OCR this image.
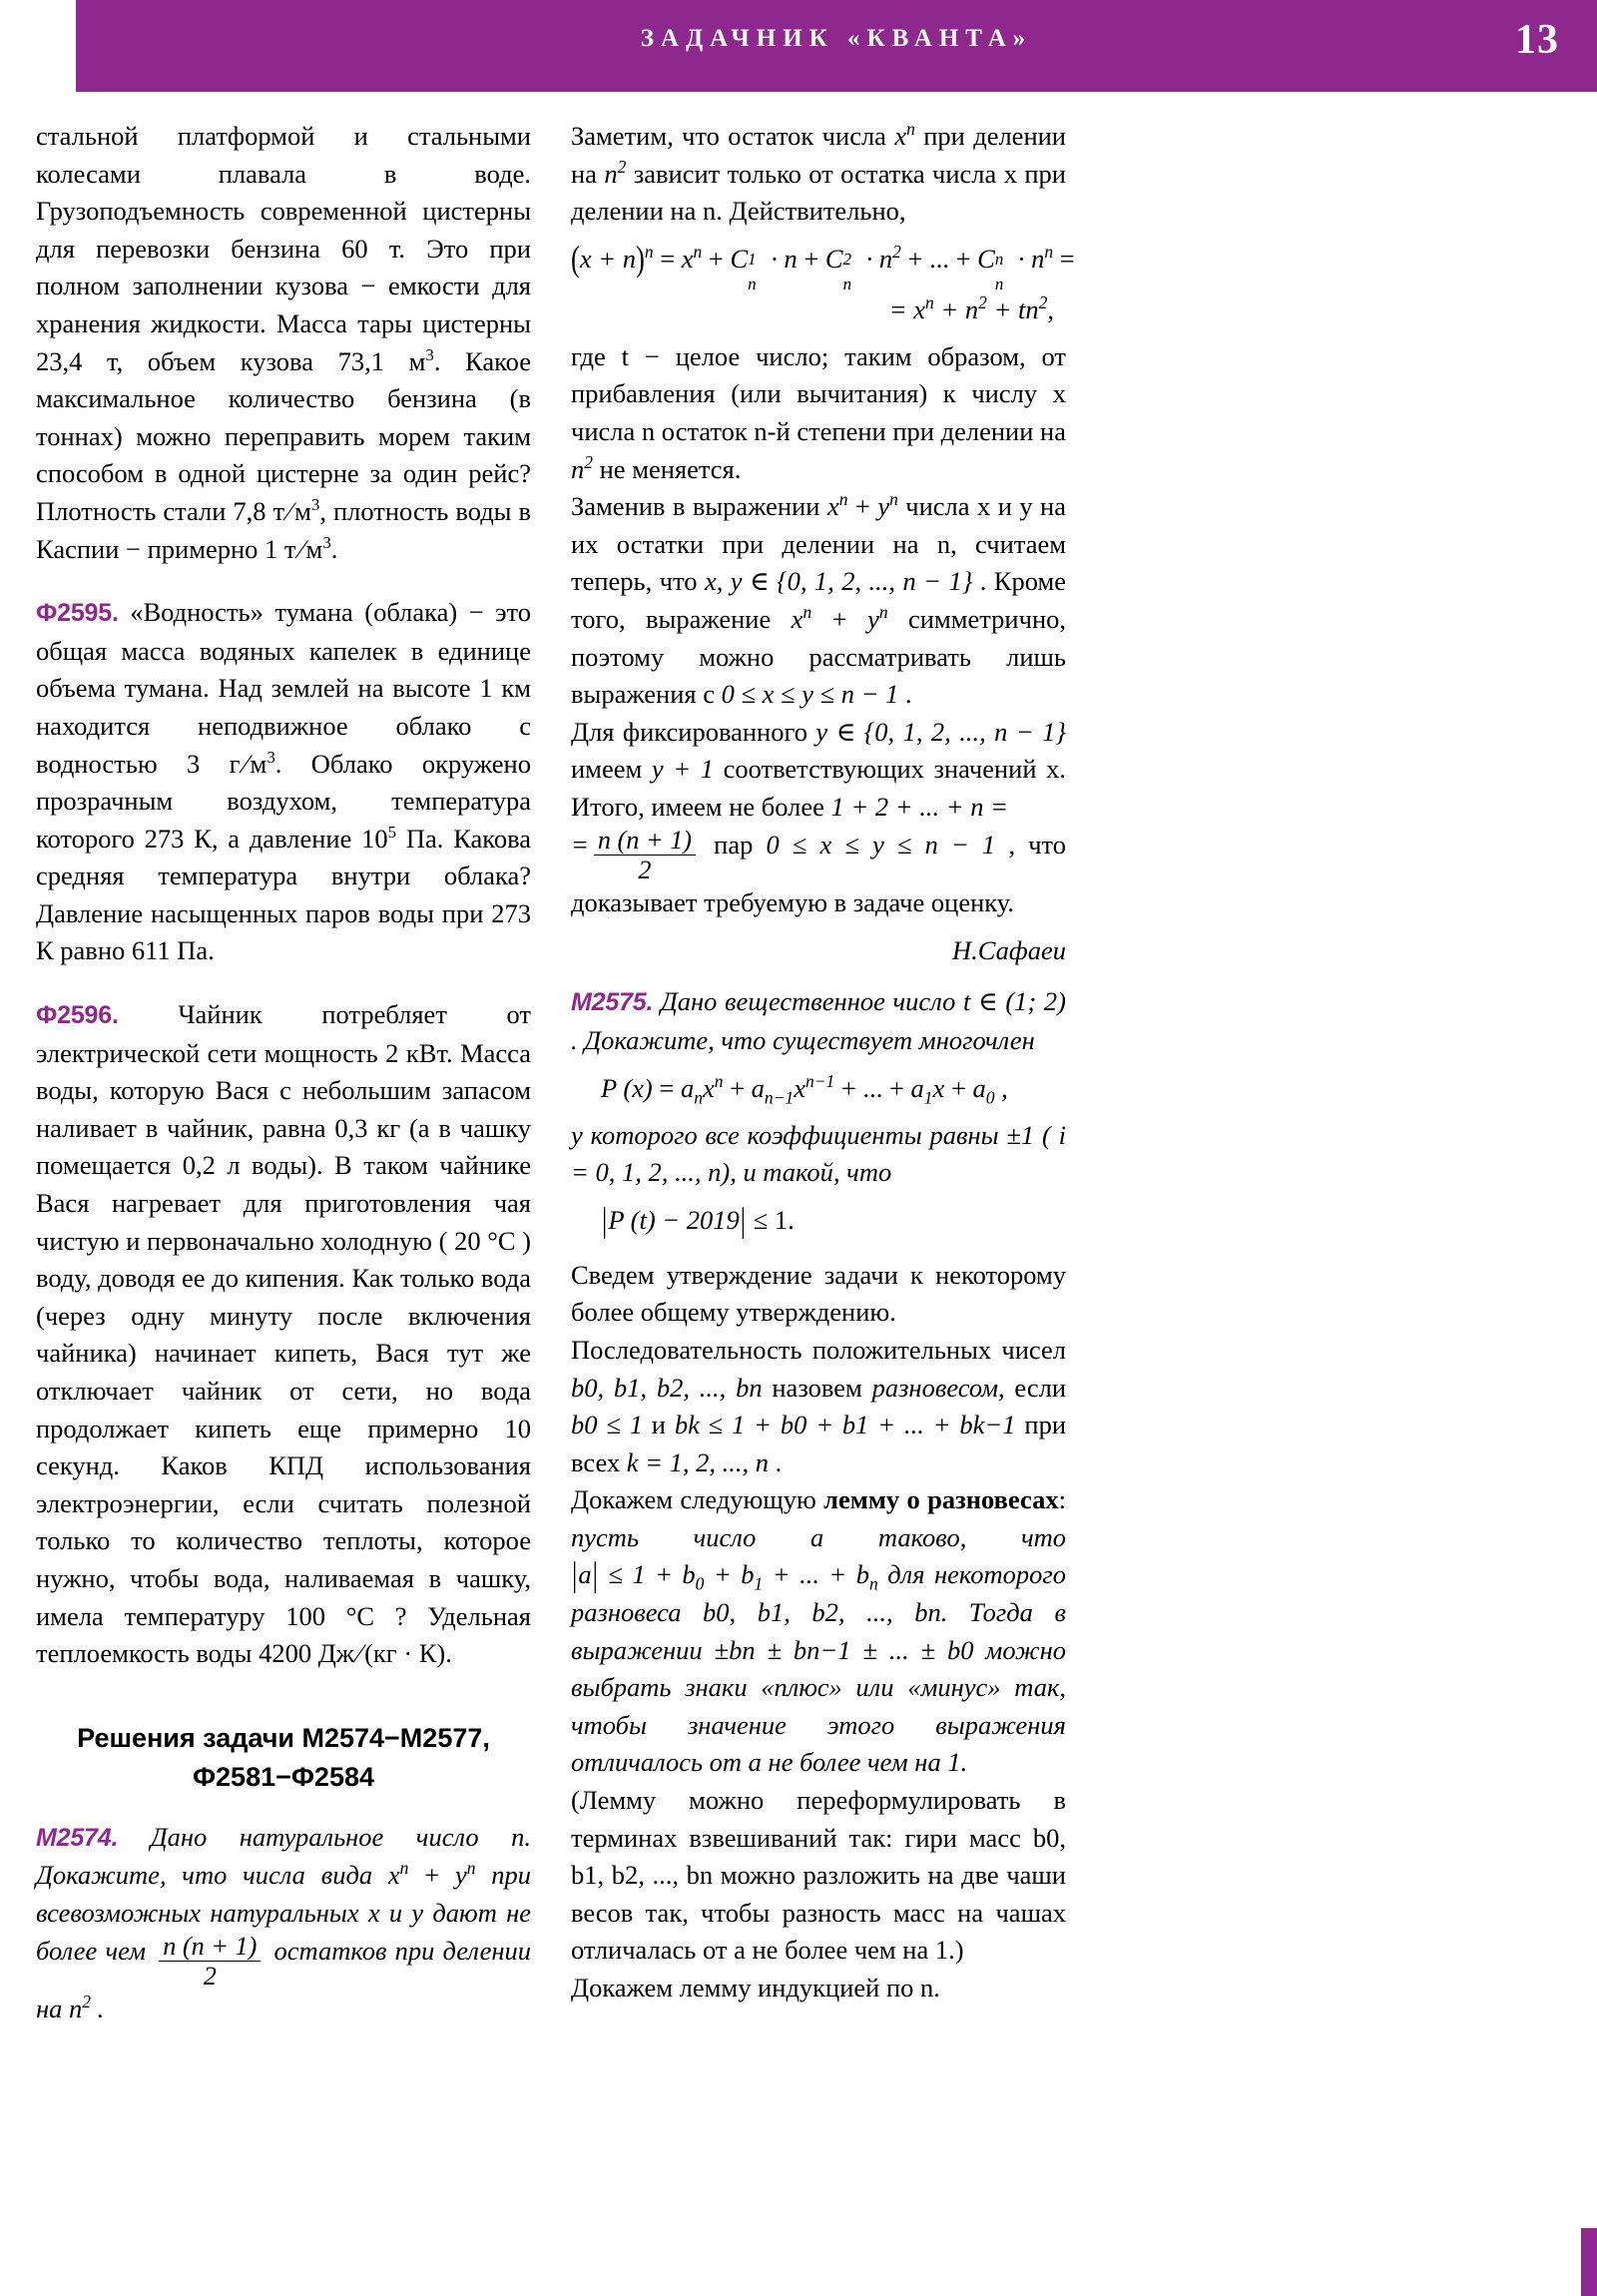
ЗАДАЧНИК «КВАНТА»	13

стальной платформой и стальными колесами плавала в воде. Грузоподъемность современной цистерны для перевозки бензина 60 т. Это при полном заполнении кузова − емкости для хранения жидкости. Масса тары цистерны 23,4 т, объем кузова 73,1 $м^3$. Какое максимальное количество бензина (в тоннах) можно переправить морем таким способом в одной цистерне за один рейс? Плотность стали 7,8 $т/м^3$, плотность воды в Каспии − примерно 1 $т/м^3$.

Ф2595. «Водность» тумана (облака) − это общая масса водяных капелек в единице объема тумана. Над землей на высоте 1 км находится неподвижное облако с водностью 3 $г/м^3$. Облако окружено прозрачным воздухом, температура которого 273 К, а давление $10^5$ Па. Какова средняя температура внутри облака? Давление насыщенных паров воды при 273 К равно 611 Па.

Ф2596. Чайник потребляет от электрической сети мощность 2 кВт. Масса воды, которую Вася с небольшим запасом наливает в чайник, равна 0,3 кг (а в чашку помещается 0,2 л воды). В таком чайнике Вася нагревает для приготовления чая чистую и первоначально холодную ( 20 °C ) воду, доводя ее до кипения. Как только вода (через одну минуту после включения чайника) начинает кипеть, Вася тут же отключает чайник от сети, но вода продолжает кипеть еще примерно 10 секунд. Каков КПД использования электроэнергии, если считать полезной только то количество теплоты, которое нужно, чтобы вода, наливаемая в чашку, имела температуру 100 °C ? Удельная теплоемкость воды 4200 Дж/(кг · К).

Решения задачи М2574−М2577,
Ф2581−Ф2584

M2574. Дано натуральное число n. Докажите, что числа вида $x^n + y^n$ при всевозможных натуральных x и y дают не более чем $\frac{n (n + 1)}{2}$ остатков при делении на $n^2$ .

Заметим, что остаток числа $x^n$ при делении на $n^2$ зависит только от остатка числа x при делении на n. Действительно,

$(x + n)^n = x^n + C$ 1
n
· n + C 2
n
· $n^2$ + ... + C n
n
· $n^n$ =
= $x^n + n^2 + tn^2$,

где t − целое число; таким образом, от прибавления (или вычитания) к числу x числа n остаток n-й степени при делении на $n^2$ не меняется.

Заменив в выражении $x^n + y^n$ числа x и y на их остатки при делении на n, считаем теперь, что x, y ∈ {0, 1, 2, ..., n − 1} . Кроме того, выражение $x^n + y^n$ симметрично, поэтому можно рассматривать лишь выражения с 0 ≤ x ≤ y ≤ n − 1 .

Для фиксированного y ∈ {0, 1, 2, ..., n − 1} имеем y + 1 соответствующих значений x. Итого, имеем не более 1 + 2 + ... + n =

= $\frac{n (n + 1)}{2}$ пар 0 ≤ x ≤ y ≤ n − 1 , что доказывает требуемую в задаче оценку.

Н.Сафаеи

M2575. Дано вещественное число t ∈ (1; 2) . Докажите, что существует многочлен

P $(x) = a_nx^n + a_{n-1}x^{n-1}$ + ... + $a_1x + a_0$ ,

y которого все коэффициенты равны ±1 ( i = 0, 1, 2, ..., n), и такой, что

|P (t) − 2019| ≤ 1.

Сведем утверждение задачи к некоторому более общему утверждению.

Последовательность положительных чисел b0, b1, b2, ..., bn назовем разновесом, если b0 ≤ 1 и bk ≤ 1 + b0 + b1 + ... + bk−1 при всех k = 1, 2, ..., n .

Докажем следующую лемму о разновесах: пусть число a таково, что $|a| \le 1 + b_0 + b_1$ + ... + $b_n$ для некоторого разновеса b0, b1, b2, ..., bn. Тогда в выражении ±bn ± bn−1 ± ... ± b0 можно выбрать знаки «плюс» или «минус» так, чтобы значение этого выражения отличалось от a не более чем на 1.

(Лемму можно переформулировать в терминах взвешиваний так: гири масс b0, b1, b2, ..., bn можно разложить на две чаши весов так, чтобы разность масс на чашах отличалась от a не более чем на 1.)

Докажем лемму индукцией по n.
